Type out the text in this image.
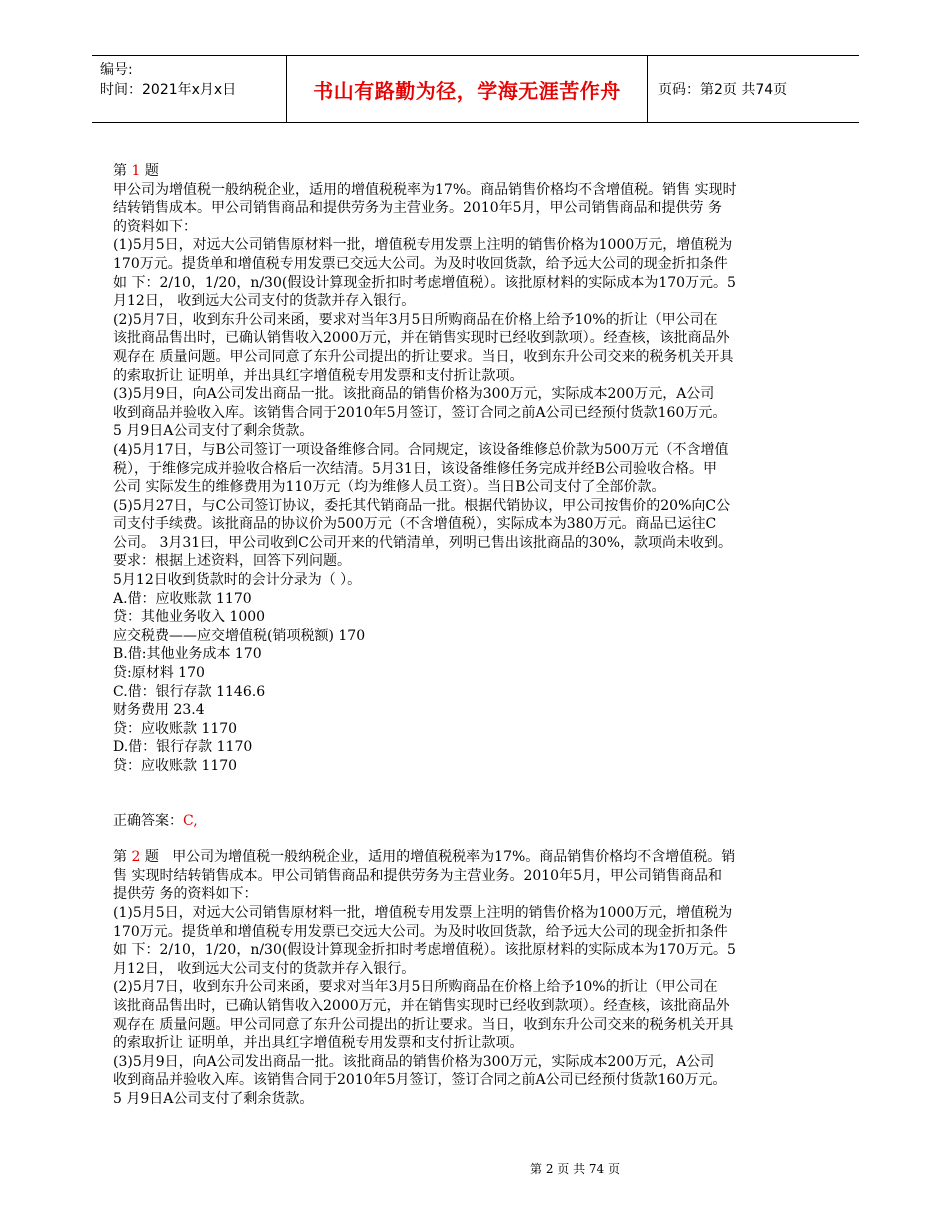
编号:
时间：2021年x月x日	书山有路勤为径，学海无涯苦作舟	页码：第2页 共74页
第 1 题
甲公司为增值税一般纳税企业，适用的增值税税率为17%。商品销售价格均不含增值税。销售 实现时
结转销售成本。甲公司销售商品和提供劳务为主营业务。2010年5月，甲公司销售商品和提供劳 务
的资料如下：
(1)5月5日，对远大公司销售原材料一批，增值税专用发票上注明的销售价格为1000万元，增值税为
170万元。提货单和增值税专用发票已交远大公司。为及时收回货款，给予远大公司的现金折扣条件
如 下：2/10，1/20，n/30(假设计算现金折扣时考虑增值税）。该批原材料的实际成本为170万元。5
月12日， 收到远大公司支付的货款并存入银行。
(2)5月7日，收到东升公司来函，要求对当年3月5日所购商品在价格上给予10%的折让（甲公司在
该批商品售出时，已确认销售收入2000万元，并在销售实现时已经收到款项）。经查核，该批商品外
观存在 质量问题。甲公司同意了东升公司提出的折让要求。当日，收到东升公司交来的税务机关开具
的索取折让 证明单，并出具红字增值税专用发票和支付折让款项。
(3)5月9日，向A公司发出商品一批。该批商品的销售价格为300万元，实际成本200万元，A公司
收到商品并验收入库。该销售合同于2010年5月签订，签订合同之前A公司已经预付货款160万元。
5 月9日A公司支付了剩余货款。
(4)5月17日，与B公司签订一项设备维修合同。合同规定，该设备维修总价款为500万元（不含增值
税），于维修完成并验收合格后一次结清。5月31日，该设备维修任务完成并经B公司验收合格。甲
公司 实际发生的维修费用为110万元（均为维修人员工资）。当日B公司支付了全部价款。
(5)5月27日，与C公司签订协议，委托其代销商品一批。根据代销协议，甲公司按售价的20%向C公
司支付手续费。该批商品的协议价为500万元（不含增值税），实际成本为380万元。商品已运往C
公司。 3月31曰，甲公司收到C公司开来的代销清单，列明已售出该批商品的30%，款项尚未收到。
要求：根据上述资料，回答下列问题。
5月12日收到货款时的会计分录为（ ）。
A.借：应收账款 1170
贷：其他业务收入 1000
应交税费——应交增值税(销项税额) 170
B.借:其他业务成本 170
贷:原材料 170
C.借：银行存款 1146.6
财务费用 23.4
贷：应收账款 1170
D.借：银行存款 1170
贷：应收账款 1170
正确答案：C,
第 2 题   甲公司为增值税一般纳税企业，适用的增值税税率为17%。商品销售价格均不含增值税。销
售 实现时结转销售成本。甲公司销售商品和提供劳务为主营业务。2010年5月，甲公司销售商品和
提供劳 务的资料如下：
(1)5月5日，对远大公司销售原材料一批，增值税专用发票上注明的销售价格为1000万元，增值税为
170万元。提货单和增值税专用发票已交远大公司。为及时收回货款，给予远大公司的现金折扣条件
如 下：2/10，1/20，n/30(假设计算现金折扣时考虑增值税）。该批原材料的实际成本为170万元。5
月12日， 收到远大公司支付的货款并存入银行。
(2)5月7日，收到东升公司来函，要求对当年3月5日所购商品在价格上给予10%的折让（甲公司在
该批商品售出时，已确认销售收入2000万元，并在销售实现时已经收到款项）。经查核，该批商品外
观存在 质量问题。甲公司同意了东升公司提出的折让要求。当日，收到东升公司交来的税务机关开具
的索取折让 证明单，并出具红字增值税专用发票和支付折让款项。
(3)5月9日，向A公司发出商品一批。该批商品的销售价格为300万元，实际成本200万元，A公司
收到商品并验收入库。该销售合同于2010年5月签订，签订合同之前A公司已经预付货款160万元。
5 月9日A公司支付了剩余货款。
第 2 页 共 74 页
